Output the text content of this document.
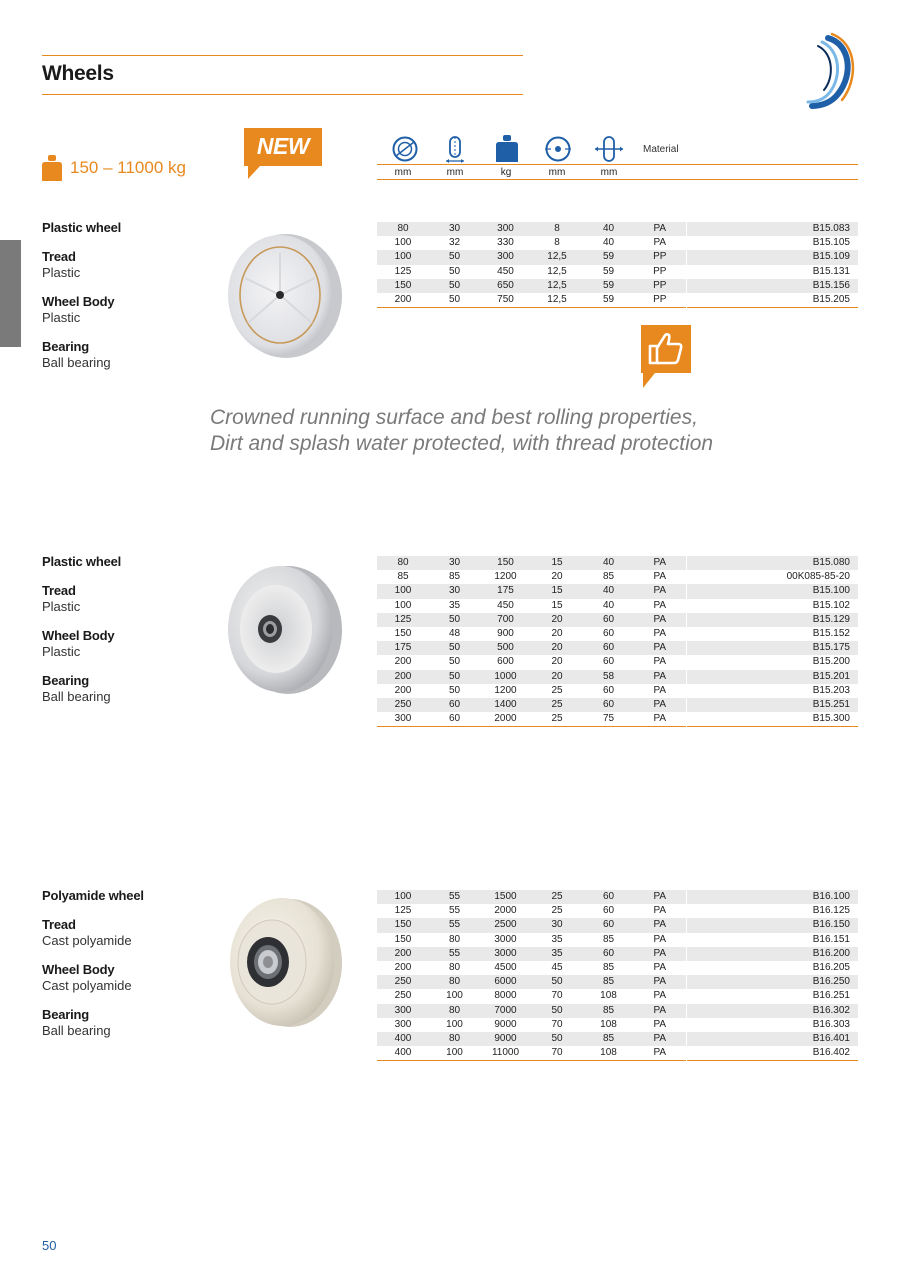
Wheels
150 – 11000 kg
NEW	Material
mm	mm	kg	mm	mm
Plastic wheel
Tread
Plastic
Wheel Body
Plastic
Bearing
Ball bearing
80	30	300	8	40	PA		B15.083
100	32	330	8	40	PA		B15.105
100	50	300	12,5	59	PP		B15.109
125	50	450	12,5	59	PP		B15.131
150	50	650	12,5	59	PP		B15.156
200	50	750	12,5	59	PP		B15.205
Crowned running surface and best rolling properties,
Dirt and splash water protected, with thread protection
Plastic wheel
Tread
Plastic
Wheel Body
Plastic
Bearing
Ball bearing
80	30	150	15	40	PA		B15.080
85	85	1200	20	85	PA		00K085-85-20
100	30	175	15	40	PA		B15.100
100	35	450	15	40	PA		B15.102
125	50	700	20	60	PA		B15.129
150	48	900	20	60	PA		B15.152
175	50	500	20	60	PA		B15.175
200	50	600	20	60	PA		B15.200
200	50	1000	20	58	PA		B15.201
200	50	1200	25	60	PA		B15.203
250	60	1400	25	60	PA		B15.251
300	60	2000	25	75	PA		B15.300
Polyamide wheel
Tread
Cast polyamide
Wheel Body
Cast polyamide
Bearing
Ball bearing
100	55	1500	25	60	PA		B16.100
125	55	2000	25	60	PA		B16.125
150	55	2500	30	60	PA		B16.150
150	80	3000	35	85	PA		B16.151
200	55	3000	35	60	PA		B16.200
200	80	4500	45	85	PA		B16.205
250	80	6000	50	85	PA		B16.250
250	100	8000	70	108	PA		B16.251
300	80	7000	50	85	PA		B16.302
300	100	9000	70	108	PA		B16.303
400	80	9000	50	85	PA		B16.401
400	100	11000	70	108	PA		B16.402
50
